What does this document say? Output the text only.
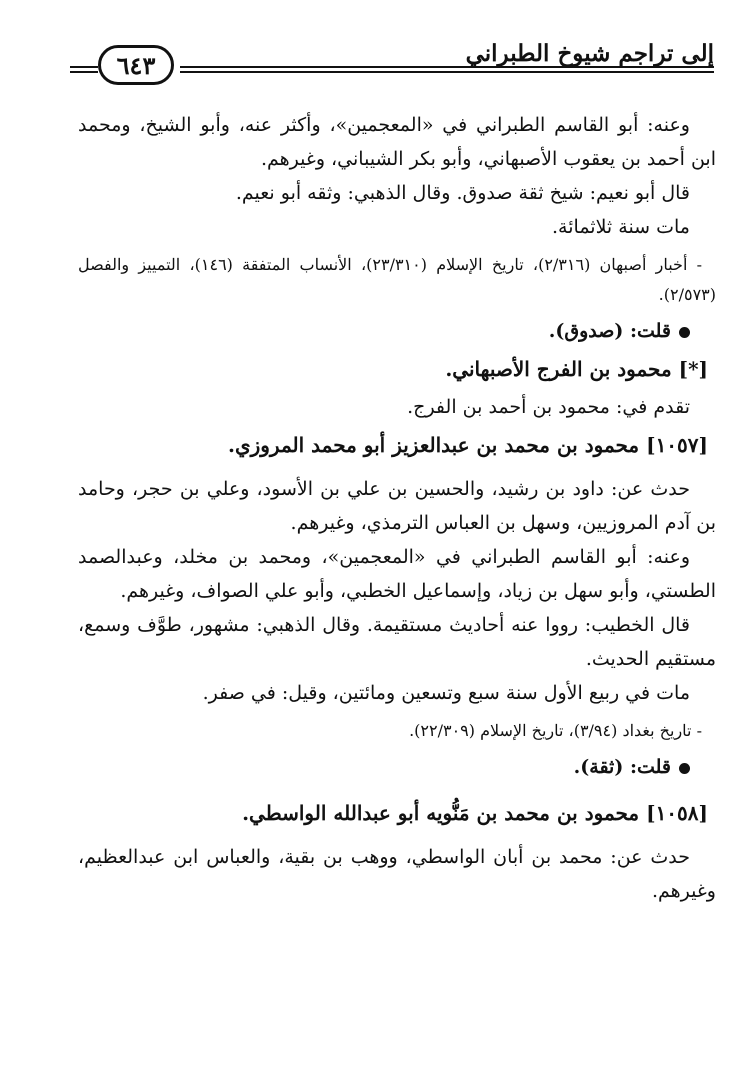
إلى تراجم شيوخ الطبراني
٦٤٣

وعنه: أبو القاسم الطبراني في «المعجمين»، وأكثر عنه، وأبو الشيخ، ومحمد ابن أحمد بن يعقوب الأصبهاني، وأبو بكر الشيباني، وغيرهم.

قال أبو نعيم: شيخ ثقة صدوق. وقال الذهبي: وثقه أبو نعيم.

مات سنة ثلاثمائة.

- أخبار أصبهان (٢/٣١٦)، تاريخ الإسلام (٢٣/٣١٠)، الأنساب المتفقة (١٤٦)، التمييز والفصل (٢/٥٧٣).

قلت: (صدوق).

[*] محمود بن الفرج الأصبهاني.

تقدم في: محمود بن أحمد بن الفرج.

[١٠٥٧] محمود بن محمد بن عبدالعزيز أبو محمد المروزي.

حدث عن: داود بن رشيد، والحسين بن علي بن الأسود، وعلي بن حجر، وحامد بن آدم المروزيين، وسهل بن العباس الترمذي، وغيرهم.

وعنه: أبو القاسم الطبراني في «المعجمين»، ومحمد بن مخلد، وعبدالصمد الطستي، وأبو سهل بن زياد، وإسماعيل الخطبي، وأبو علي الصواف، وغيرهم.

قال الخطيب: رووا عنه أحاديث مستقيمة. وقال الذهبي: مشهور، طوَّف وسمع، مستقيم الحديث.

مات في ربيع الأول سنة سبع وتسعين ومائتين، وقيل: في صفر.

- تاريخ بغداد (٣/٩٤)، تاريخ الإسلام (٢٢/٣٠٩).

قلت: (ثقة).

[١٠٥٨] محمود بن محمد بن مَنُّويه أبو عبدالله الواسطي.

حدث عن: محمد بن أبان الواسطي، ووهب بن بقية، والعباس ابن عبدالعظيم، وغيرهم.
